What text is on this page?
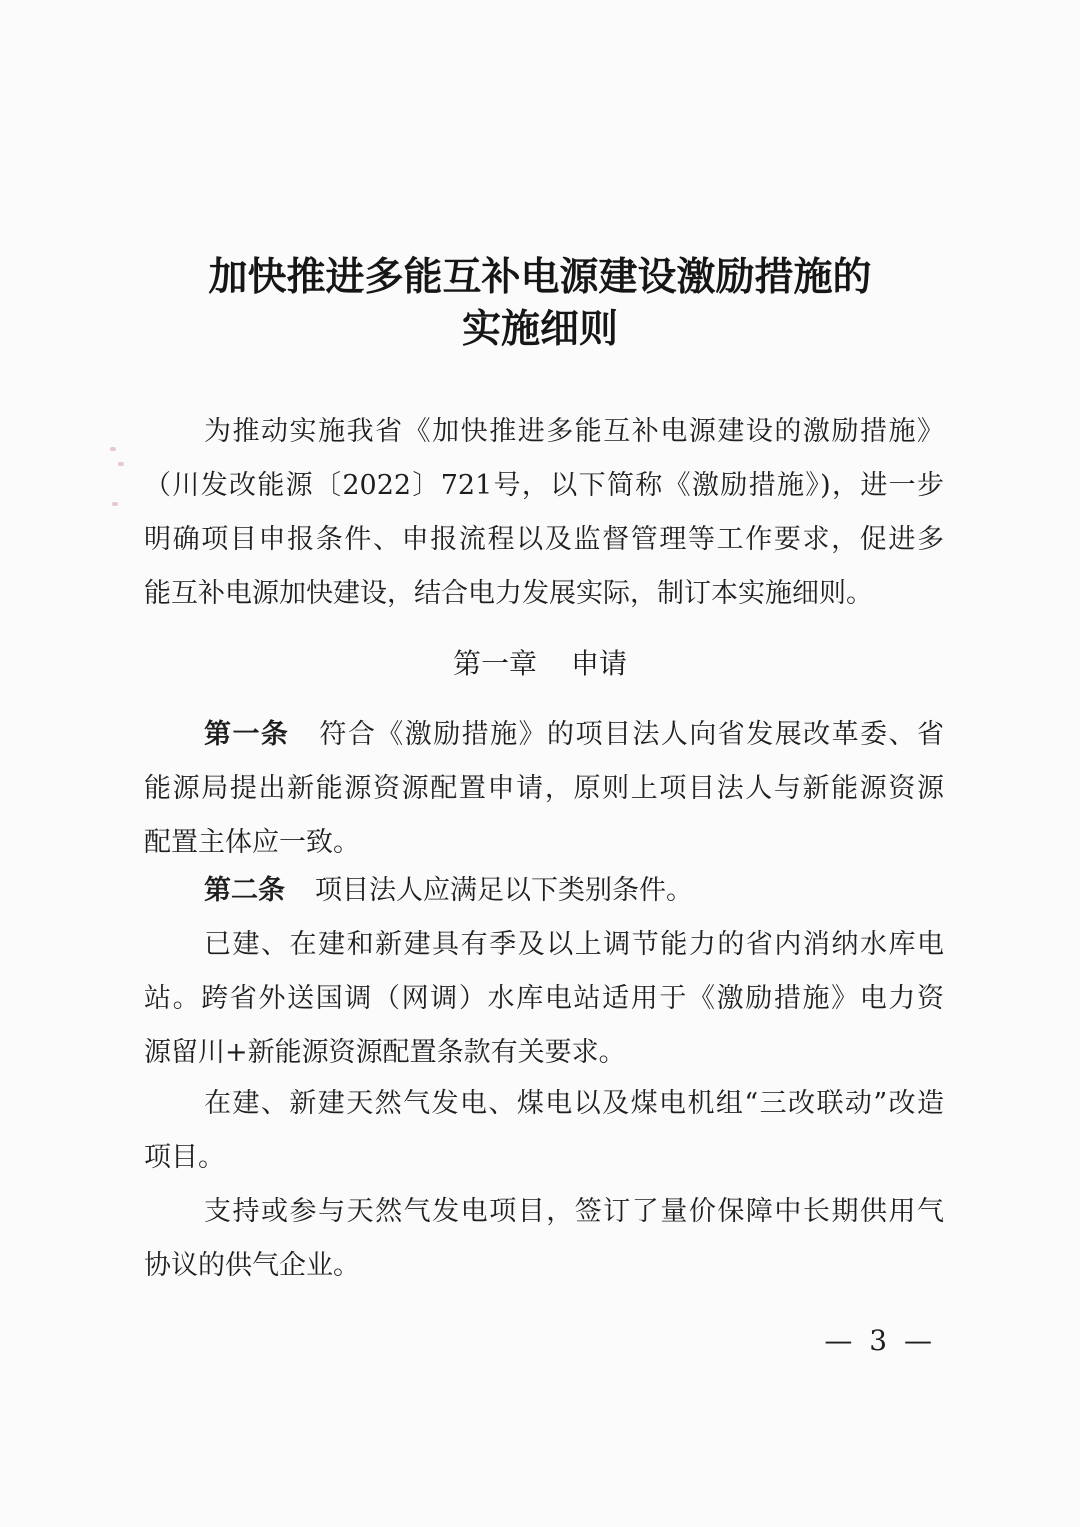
加快推进多能互补电源建设激励措施的
实施细则
为推动实施我省《加快推进多能互补电源建设的激励措施》
（川发改能源〔2022〕721号，以下简称《激励措施》)，进一步
明确项目申报条件、申报流程以及监督管理等工作要求，促进多
能互补电源加快建设，结合电力发展实际，制订本实施细则。
第一章 申请
第一条 符合《激励措施》的项目法人向省发展改革委、省
能源局提出新能源资源配置申请，原则上项目法人与新能源资源
配置主体应一致。
第二条 项目法人应满足以下类别条件。
已建、在建和新建具有季及以上调节能力的省内消纳水库电
站。跨省外送国调（网调）水库电站适用于《激励措施》电力资
源留川+新能源资源配置条款有关要求。
在建、新建天然气发电、煤电以及煤电机组“三改联动”改造
项目。
支持或参与天然气发电项目，签订了量价保障中长期供用气
协议的供气企业。
— 3 —
